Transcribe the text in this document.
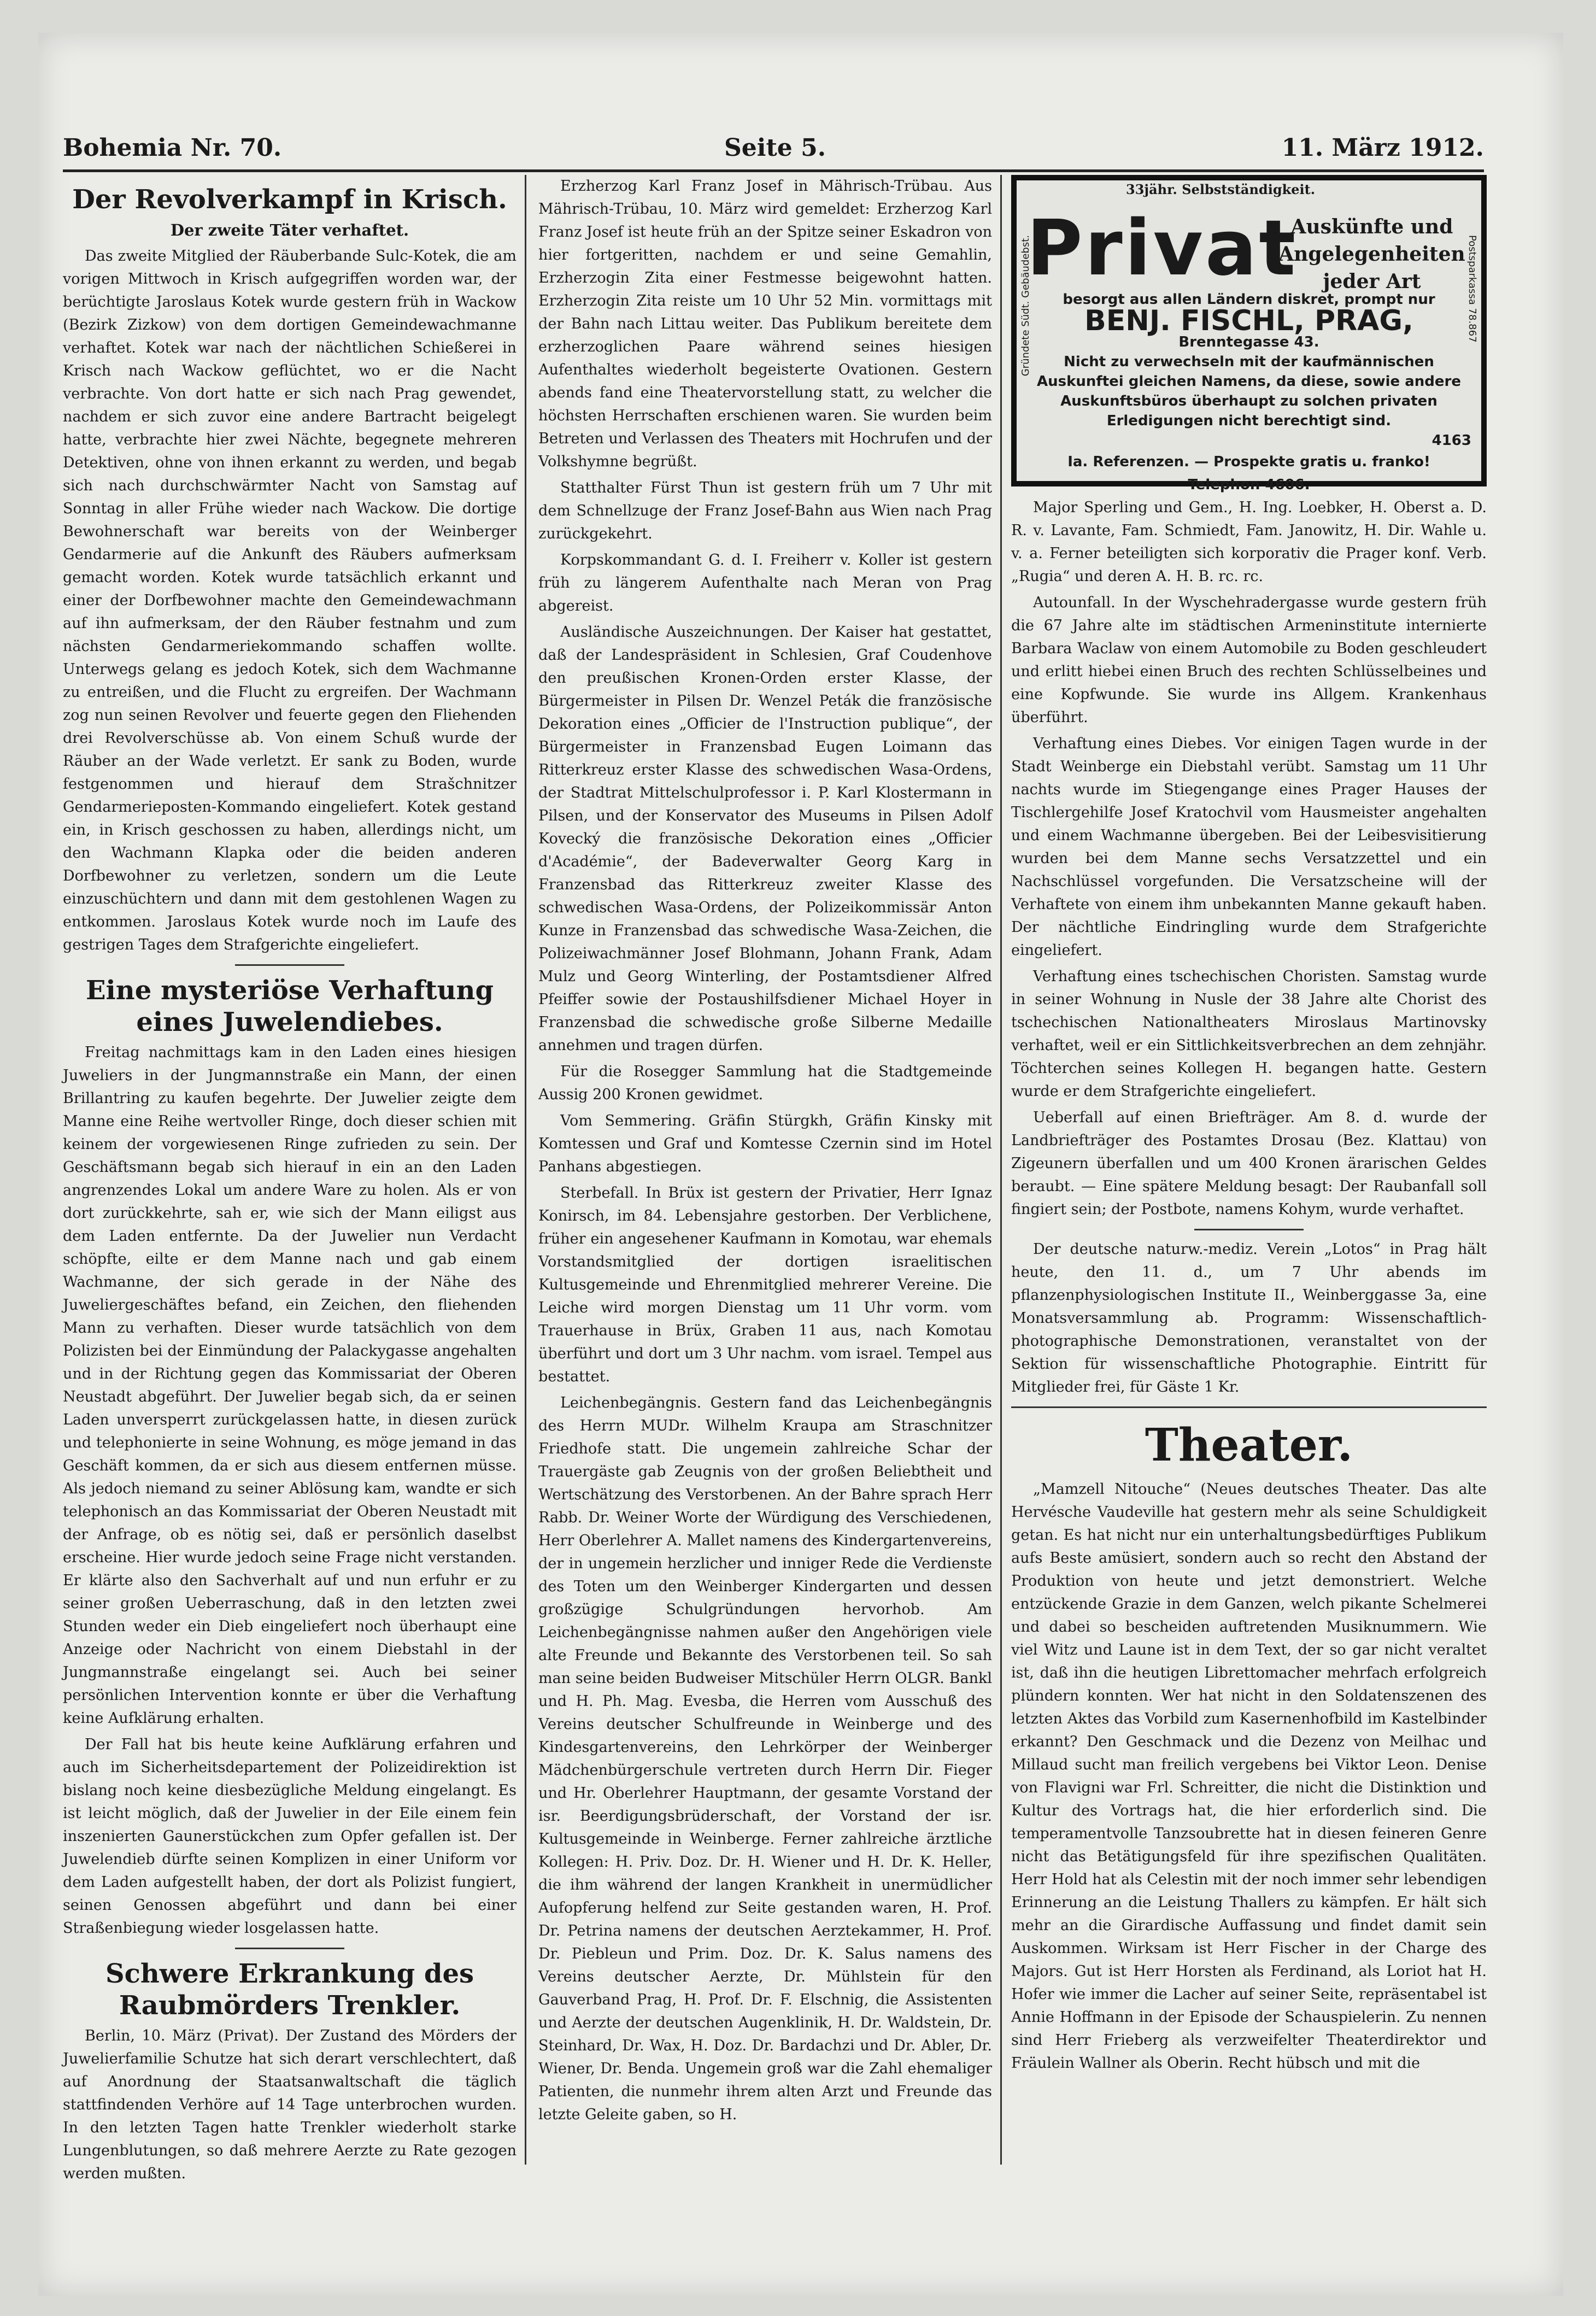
Bohemia Nr. 70.	Seite 5.	11. März 1912.
Der Revolverkampf in Krisch.
Der zweite Täter verhaftet.

Das zweite Mitglied der Räuberbande Sulc-Kotek, die am vorigen Mittwoch in Krisch aufgegriffen worden war, der berüchtigte Jaroslaus Kotek wurde gestern früh in Wackow (Bezirk Zizkow) von dem dortigen Gemeindewachmanne verhaftet. Kotek war nach der nächtlichen Schießerei in Krisch nach Wackow geflüchtet, wo er die Nacht verbrachte. Von dort hatte er sich nach Prag gewendet, nachdem er sich zuvor eine andere Bartracht beigelegt hatte, verbrachte hier zwei Nächte, begegnete mehreren Detektiven, ohne von ihnen erkannt zu werden, und begab sich nach durchschwärmter Nacht von Samstag auf Sonntag in aller Frühe wieder nach Wackow. Die dortige Bewohnerschaft war bereits von der Weinberger Gendarmerie auf die Ankunft des Räubers aufmerksam gemacht worden. Kotek wurde tatsächlich erkannt und einer der Dorfbewohner machte den Gemeindewachmann auf ihn aufmerksam, der den Räuber festnahm und zum nächsten Gendarmeriekommando schaffen wollte. Unterwegs gelang es jedoch Kotek, sich dem Wachmanne zu entreißen, und die Flucht zu ergreifen. Der Wachmann zog nun seinen Revolver und feuerte gegen den Fliehenden drei Revolverschüsse ab. Von einem Schuß wurde der Räuber an der Wade verletzt. Er sank zu Boden, wurde festgenommen und hierauf dem Strašchnitzer Gendarmerieposten-Kommando eingeliefert. Kotek gestand ein, in Krisch geschossen zu haben, allerdings nicht, um den Wachmann Klapka oder die beiden anderen Dorfbewohner zu verletzen, sondern um die Leute einzuschüchtern und dann mit dem gestohlenen Wagen zu entkommen. Jaroslaus Kotek wurde noch im Laufe des gestrigen Tages dem Strafgerichte eingeliefert.

Eine mysteriöse Verhaftung eines Juwelendiebes.

Freitag nachmittags kam in den Laden eines hiesigen Juweliers in der Jungmannstraße ein Mann, der einen Brillantring zu kaufen begehrte. Der Juwelier zeigte dem Manne eine Reihe wertvoller Ringe, doch dieser schien mit keinem der vorgewiesenen Ringe zufrieden zu sein. Der Geschäftsmann begab sich hierauf in ein an den Laden angrenzendes Lokal um andere Ware zu holen. Als er von dort zurückkehrte, sah er, wie sich der Mann eiligst aus dem Laden entfernte. Da der Juwelier nun Verdacht schöpfte, eilte er dem Manne nach und gab einem Wachmanne, der sich gerade in der Nähe des Juweliergeschäftes befand, ein Zeichen, den fliehenden Mann zu verhaften. Dieser wurde tatsächlich von dem Polizisten bei der Einmündung der Palackygasse angehalten und in der Richtung gegen das Kommissariat der Oberen Neustadt abgeführt. Der Juwelier begab sich, da er seinen Laden unversperrt zurückgelassen hatte, in diesen zurück und telephonierte in seine Wohnung, es möge jemand in das Geschäft kommen, da er sich aus diesem entfernen müsse. Als jedoch niemand zu seiner Ablösung kam, wandte er sich telephonisch an das Kommissariat der Oberen Neustadt mit der Anfrage, ob es nötig sei, daß er persönlich daselbst erscheine. Hier wurde jedoch seine Frage nicht verstanden. Er klärte also den Sachverhalt auf und nun erfuhr er zu seiner großen Ueberraschung, daß in den letzten zwei Stunden weder ein Dieb eingeliefert noch überhaupt eine Anzeige oder Nachricht von einem Diebstahl in der Jungmannstraße eingelangt sei. Auch bei seiner persönlichen Intervention konnte er über die Verhaftung keine Aufklärung erhalten.

Der Fall hat bis heute keine Aufklärung erfahren und auch im Sicherheitsdepartement der Polizeidirektion ist bislang noch keine diesbezügliche Meldung eingelangt. Es ist leicht möglich, daß der Juwelier in der Eile einem fein inszenierten Gaunerstückchen zum Opfer gefallen ist. Der Juwelendieb dürfte seinen Komplizen in einer Uniform vor dem Laden aufgestellt haben, der dort als Polizist fungiert, seinen Genossen abgeführt und dann bei einer Straßenbiegung wieder losgelassen hatte.

Schwere Erkrankung des Raubmörders Trenkler.

Berlin, 10. März (Privat). Der Zustand des Mörders der Juwelierfamilie Schutze hat sich derart verschlechtert, daß auf Anordnung der Staatsanwaltschaft die täglich stattfindenden Verhöre auf 14 Tage unterbrochen wurden. In den letzten Tagen hatte Trenkler wiederholt starke Lungenblutungen, so daß mehrere Aerzte zu Rate gezogen werden mußten.

Erzherzog Karl Franz Josef in Mährisch-Trübau. Aus Mährisch-Trübau, 10. März wird gemeldet: Erzherzog Karl Franz Josef ist heute früh an der Spitze seiner Eskadron von hier fortgeritten, nachdem er und seine Gemahlin, Erzherzogin Zita einer Festmesse beigewohnt hatten. Erzherzogin Zita reiste um 10 Uhr 52 Min. vormittags mit der Bahn nach Littau weiter. Das Publikum bereitete dem erzherzoglichen Paare während seines hiesigen Aufenthaltes wiederholt begeisterte Ovationen. Gestern abends fand eine Theatervorstellung statt, zu welcher die höchsten Herrschaften erschienen waren. Sie wurden beim Betreten und Verlassen des Theaters mit Hochrufen und der Volkshymne begrüßt.

Statthalter Fürst Thun ist gestern früh um 7 Uhr mit dem Schnellzuge der Franz Josef-Bahn aus Wien nach Prag zurückgekehrt.

Korpskommandant G. d. I. Freiherr v. Koller ist gestern früh zu längerem Aufenthalte nach Meran von Prag abgereist.

Ausländische Auszeichnungen. Der Kaiser hat gestattet, daß der Landespräsident in Schlesien, Graf Coudenhove den preußischen Kronen-Orden erster Klasse, der Bürgermeister in Pilsen Dr. Wenzel Peták die französische Dekoration eines „Officier de l'Instruction publique“, der Bürgermeister in Franzensbad Eugen Loimann das Ritterkreuz erster Klasse des schwedischen Wasa-Ordens, der Stadtrat Mittelschulprofessor i. P. Karl Klostermann in Pilsen, und der Konservator des Museums in Pilsen Adolf Kovecký die französische Dekoration eines „Officier d'Académie“, der Badeverwalter Georg Karg in Franzensbad das Ritterkreuz zweiter Klasse des schwedischen Wasa-Ordens, der Polizeikommissär Anton Kunze in Franzensbad das schwedische Wasa-Zeichen, die Polizeiwachmänner Josef Blohmann, Johann Frank, Adam Mulz und Georg Winterling, der Postamtsdiener Alfred Pfeiffer sowie der Postaushilfsdiener Michael Hoyer in Franzensbad die schwedische große Silberne Medaille annehmen und tragen dürfen.

Für die Rosegger Sammlung hat die Stadtgemeinde Aussig 200 Kronen gewidmet.

Vom Semmering. Gräfin Stürgkh, Gräfin Kinsky mit Komtessen und Graf und Komtesse Czernin sind im Hotel Panhans abgestiegen.

Sterbefall. In Brüx ist gestern der Privatier, Herr Ignaz Konirsch, im 84. Lebensjahre gestorben. Der Verblichene, früher ein angesehener Kaufmann in Komotau, war ehemals Vorstandsmitglied der dortigen israelitischen Kultusgemeinde und Ehrenmitglied mehrerer Vereine. Die Leiche wird morgen Dienstag um 11 Uhr vorm. vom Trauerhause in Brüx, Graben 11 aus, nach Komotau überführt und dort um 3 Uhr nachm. vom israel. Tempel aus bestattet.

Leichenbegängnis. Gestern fand das Leichenbegängnis des Herrn MUDr. Wilhelm Kraupa am Straschnitzer Friedhofe statt. Die ungemein zahlreiche Schar der Trauergäste gab Zeugnis von der großen Beliebtheit und Wertschätzung des Verstorbenen. An der Bahre sprach Herr Rabb. Dr. Weiner Worte der Würdigung des Verschiedenen, Herr Oberlehrer A. Mallet namens des Kindergartenvereins, der in ungemein herzlicher und inniger Rede die Verdienste des Toten um den Weinberger Kindergarten und dessen großzügige Schulgründungen hervorhob. Am Leichenbegängnisse nahmen außer den Angehörigen viele alte Freunde und Bekannte des Verstorbenen teil. So sah man seine beiden Budweiser Mitschüler Herrn OLGR. Bankl und H. Ph. Mag. Evesba, die Herren vom Ausschuß des Vereins deutscher Schulfreunde in Weinberge und des Kindesgartenvereins, den Lehrkörper der Weinberger Mädchenbürgerschule vertreten durch Herrn Dir. Fieger und Hr. Oberlehrer Hauptmann, der gesamte Vorstand der isr. Beerdigungsbrüderschaft, der Vorstand der isr. Kultusgemeinde in Weinberge. Ferner zahlreiche ärztliche Kollegen: H. Priv. Doz. Dr. H. Wiener und H. Dr. K. Heller, die ihm während der langen Krankheit in unermüdlicher Aufopferung helfend zur Seite gestanden waren, H. Prof. Dr. Petrina namens der deutschen Aerztekammer, H. Prof. Dr. Piebleun und Prim. Doz. Dr. K. Salus namens des Vereins deutscher Aerzte, Dr. Mühlstein für den Gauverband Prag, H. Prof. Dr. F. Elschnig, die Assistenten und Aerzte der deutschen Augenklinik, H. Dr. Waldstein, Dr. Steinhard, Dr. Wax, H. Doz. Dr. Bardachzi und Dr. Abler, Dr. Wiener, Dr. Benda. Ungemein groß war die Zahl ehemaliger Patienten, die nunmehr ihrem alten Arzt und Freunde das letzte Geleite gaben, so H.

33jähr. Selbstständigkeit.
Gründete Südt. Gebäudebst.	Postsparkassa 78.867
Privat
Auskünfte und
Angelegenheiten
jeder Art
besorgt aus allen Ländern diskret, prompt nur
BENJ. FISCHL, PRAG,
Brenntegasse 43.
Nicht zu verwechseln mit der kaufmännischen Auskunftei gleichen Namens, da diese, sowie andere Auskunftsbüros überhaupt zu solchen privaten Erledigungen nicht berechtigt sind.
4163
Ia. Referenzen. — Prospekte gratis u. franko!
Telephon 4606.

Major Sperling und Gem., H. Ing. Loebker, H. Oberst a. D. R. v. Lavante, Fam. Schmiedt, Fam. Janowitz, H. Dir. Wahle u. v. a. Ferner beteiligten sich korporativ die Prager konf. Verb. „Rugia“ und deren A. H. B. rc. rc.

Autounfall. In der Wyschehradergasse wurde gestern früh die 67 Jahre alte im städtischen Armeninstitute internierte Barbara Waclaw von einem Automobile zu Boden geschleudert und erlitt hiebei einen Bruch des rechten Schlüsselbeines und eine Kopfwunde. Sie wurde ins Allgem. Krankenhaus überführt.

Verhaftung eines Diebes. Vor einigen Tagen wurde in der Stadt Weinberge ein Diebstahl verübt. Samstag um 11 Uhr nachts wurde im Stiegengange eines Prager Hauses der Tischlergehilfe Josef Kratochvil vom Hausmeister angehalten und einem Wachmanne übergeben. Bei der Leibesvisitierung wurden bei dem Manne sechs Versatzzettel und ein Nachschlüssel vorgefunden. Die Versatzscheine will der Verhaftete von einem ihm unbekannten Manne gekauft haben. Der nächtliche Eindringling wurde dem Strafgerichte eingeliefert.

Verhaftung eines tschechischen Choristen. Samstag wurde in seiner Wohnung in Nusle der 38 Jahre alte Chorist des tschechischen Nationaltheaters Miroslaus Martinovsky verhaftet, weil er ein Sittlichkeitsverbrechen an dem zehnjähr. Töchterchen seines Kollegen H. begangen hatte. Gestern wurde er dem Strafgerichte eingeliefert.

Ueberfall auf einen Briefträger. Am 8. d. wurde der Landbriefträger des Postamtes Drosau (Bez. Klattau) von Zigeunern überfallen und um 400 Kronen ärarischen Geldes beraubt. — Eine spätere Meldung besagt: Der Raubanfall soll fingiert sein; der Postbote, namens Kohym, wurde verhaftet.

Der deutsche naturw.-mediz. Verein „Lotos“ in Prag hält heute, den 11. d., um 7 Uhr abends im pflanzenphysiologischen Institute II., Weinberggasse 3a, eine Monatsversammlung ab. Programm: Wissenschaftlich-photographische Demonstrationen, veranstaltet von der Sektion für wissenschaftliche Photographie. Eintritt für Mitglieder frei, für Gäste 1 Kr.

Theater.

„Mamzell Nitouche“ (Neues deutsches Theater. Das alte Hervésche Vaudeville hat gestern mehr als seine Schuldigkeit getan. Es hat nicht nur ein unterhaltungsbedürftiges Publikum aufs Beste amüsiert, sondern auch so recht den Abstand der Produktion von heute und jetzt demonstriert. Welche entzückende Grazie in dem Ganzen, welch pikante Schelmerei und dabei so bescheiden auftretenden Musiknummern. Wie viel Witz und Laune ist in dem Text, der so gar nicht veraltet ist, daß ihn die heutigen Librettomacher mehrfach erfolgreich plündern konnten. Wer hat nicht in den Soldatenszenen des letzten Aktes das Vorbild zum Kasernenhofbild im Kastelbinder erkannt? Den Geschmack und die Dezenz von Meilhac und Millaud sucht man freilich vergebens bei Viktor Leon. Denise von Flavigni war Frl. Schreitter, die nicht die Distinktion und Kultur des Vortrags hat, die hier erforderlich sind. Die temperamentvolle Tanzsoubrette hat in diesen feineren Genre nicht das Betätigungsfeld für ihre spezifischen Qualitäten. Herr Hold hat als Celestin mit der noch immer sehr lebendigen Erinnerung an die Leistung Thallers zu kämpfen. Er hält sich mehr an die Girardische Auffassung und findet damit sein Auskommen. Wirksam ist Herr Fischer in der Charge des Majors. Gut ist Herr Horsten als Ferdinand, als Loriot hat H. Hofer wie immer die Lacher auf seiner Seite, repräsentabel ist Annie Hoffmann in der Episode der Schauspielerin. Zu nennen sind Herr Frieberg als verzweifelter Theaterdirektor und Fräulein Wallner als Oberin. Recht hübsch und mit die
